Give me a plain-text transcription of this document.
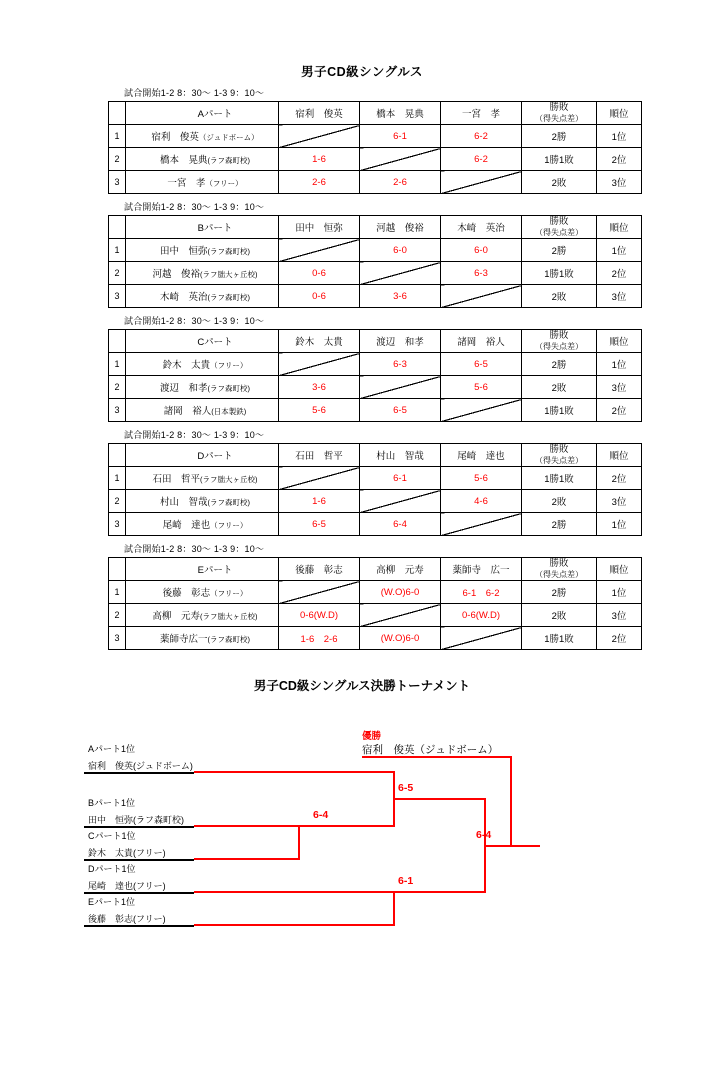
男子CD級シングルス
試合開始1-2 8：30～ 1-3 9：10～
	Aパート	宿利　俊英	橋本　晃典	一宮　孝	勝敗
（得失点差）	順位
1	宿利　俊英（ジュドボーム）		6-1	6-2	2勝	1位
2	橋本　晃典(ラフ森町校)	1-6		6-2	1勝1敗	2位
3	一宮　孝（フリー）	2-6	2-6		2敗	3位
試合開始1-2 8：30～ 1-3 9：10～
	Bパート	田中　恒弥	河越　俊裕	木崎　英治	勝敗
（得失点差）	順位
1	田中　恒弥(ラフ森町校)		6-0	6-0	2勝	1位
2	河越　俊裕(ラフ朏大ヶ丘校)	0-6		6-3	1勝1敗	2位
3	木崎　英治(ラフ森町校)	0-6	3-6		2敗	3位
試合開始1-2 8：30～ 1-3 9：10～
	Cパート	鈴木　太貴	渡辺　和孝	諸岡　裕人	勝敗
（得失点差）	順位
1	鈴木　太貴（フリー）		6-3	6-5	2勝	1位
2	渡辺　和孝(ラフ森町校)	3-6		5-6	2敗	3位
3	諸岡　裕人(日本製鉄)	5-6	6-5		1勝1敗	2位
試合開始1-2 8：30～ 1-3 9：10～
	Dパート	石田　哲平	村山　智哉	尾崎　達也	勝敗
（得失点差）	順位
1	石田　哲平(ラフ朏大ヶ丘校)		6-1	5-6	1勝1敗	2位
2	村山　智哉(ラフ森町校)	1-6		4-6	2敗	3位
3	尾崎　達也（フリー）	6-5	6-4		2勝	1位
試合開始1-2 8：30～ 1-3 9：10～
	Eパート	後藤　彰志	高柳　元寿	薬師寺　広一	勝敗
（得失点差）	順位
1	後藤　彰志（フリー）		(W.O)6-0	6-1　6-2	2勝	1位
2	高柳　元寿(ラフ朏大ヶ丘校)	0-6(W.D)		0-6(W.D)	2敗	3位
3	薬師寺広一(ラフ森町校)	1-6　2-6	(W.O)6-0		1勝1敗	2位
男子CD級シングルス決勝トーナメント
優勝
宿利　俊英（ジュドボーム）
Aパート1位
宿利　俊英(ジュドボーム)
Bパート1位
田中　恒弥(ラフ森町校)
Cパート1位
鈴木　太貴(フリー)
Dパート1位
尾崎　達也(フリー)
Eパート1位
後藤　彰志(フリー)
6-4
6-5
6-1
6-4
